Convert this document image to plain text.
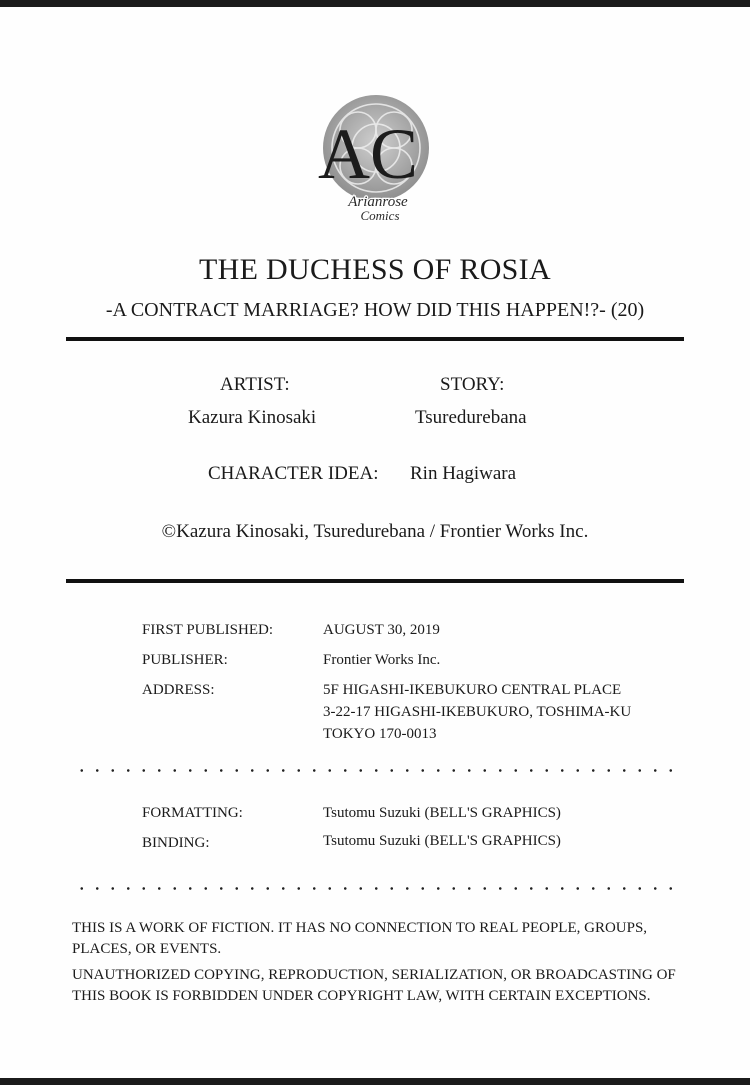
AC
Arianrose
Comics
THE DUCHESS OF ROSIA
-A CONTRACT MARRIAGE? HOW DID THIS HAPPEN!?- (20)
ARTIST:	STORY:
Kazura Kinosaki	Tsuredurebana
CHARACTER IDEA: Rin Hagiwara
©Kazura Kinosaki, Tsuredurebana / Frontier Works Inc.
FIRST PUBLISHED:	AUGUST 30, 2019
PUBLISHER:	Frontier Works Inc.
ADDRESS:	5F HIGASHI-IKEBUKURO CENTRAL PLACE
3-22-17 HIGASHI-IKEBUKURO, TOSHIMA-KU
TOKYO 170-0013
FORMATTING:	Tsutomu Suzuki (BELL'S GRAPHICS)
BINDING:	Tsutomu Suzuki (BELL'S GRAPHICS)

THIS IS A WORK OF FICTION. IT HAS NO CONNECTION TO REAL PEOPLE, GROUPS, PLACES, OR EVENTS.

UNAUTHORIZED COPYING, REPRODUCTION, SERIALIZATION, OR BROADCASTING OF THIS BOOK IS FORBIDDEN UNDER COPYRIGHT LAW, WITH CERTAIN EXCEPTIONS.
